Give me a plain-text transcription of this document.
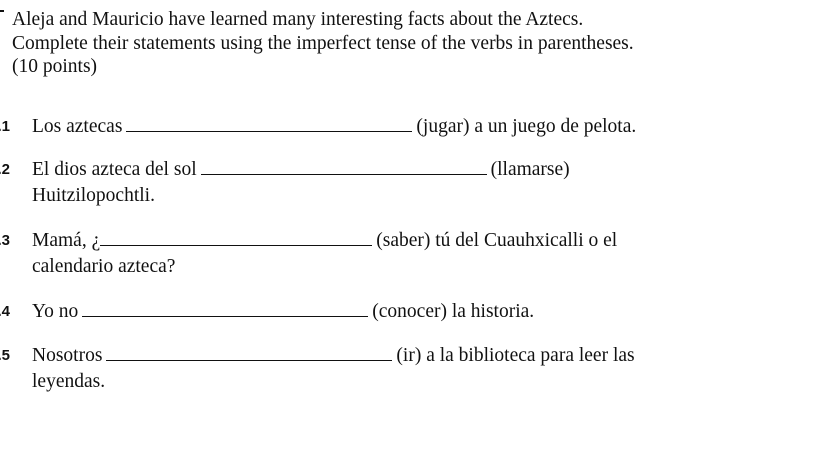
Aleja and Mauricio have learned many interesting facts about the Aztecs.
Complete their statements using the imperfect tense of the verbs in parentheses.
(10 points)
1 Los aztecas	(jugar) a un juego de pelota.
2 El dios azteca del sol	(llamarse)
Huitzilopochtli.
3 Mamá, ¿	(saber) tú del Cuauhxicalli o el
calendario azteca?
4 Yo no	(conocer) la historia.
5 Nosotros	(ir) a la biblioteca para leer las
leyendas.
